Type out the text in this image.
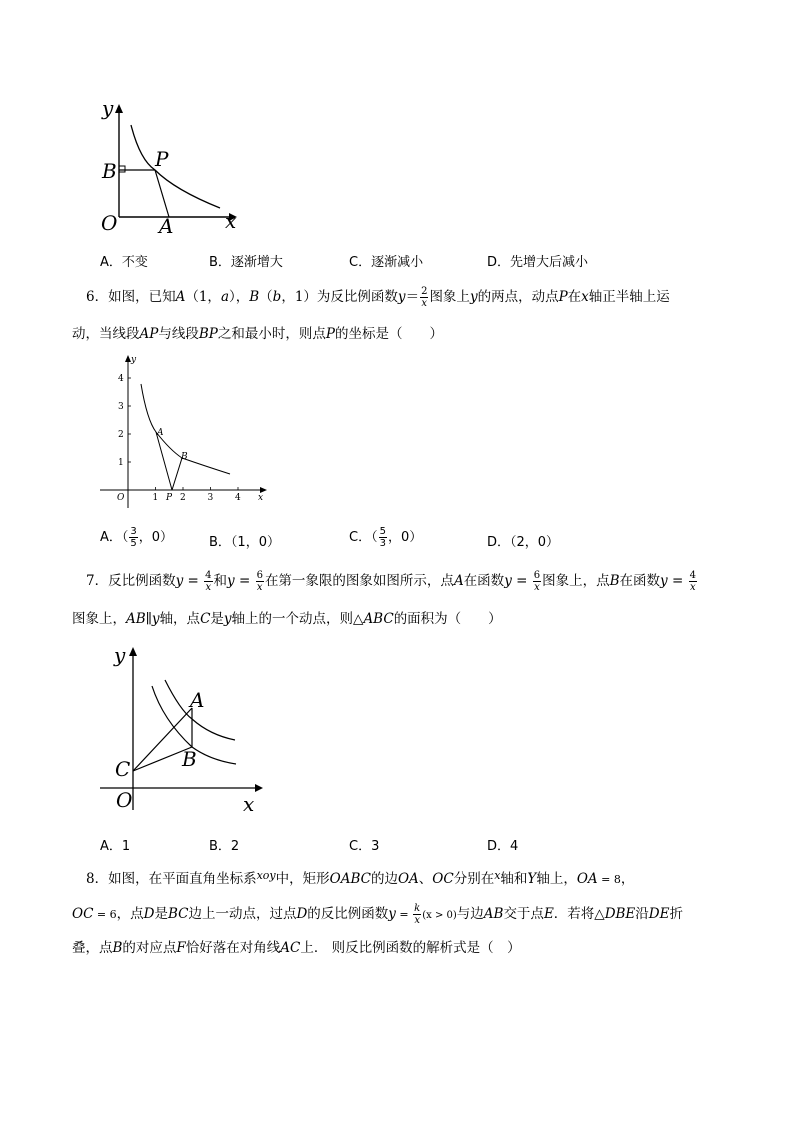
y
x
O
B P
A
A．不变	B．逐渐增大	C．逐渐减小	D．先增大后减小
6．如图，已知A（1，a），B（b，1）为反比例函数$y= \frac{2}{x}$ 图象上y的两点，动点P在x轴正半轴上运
动，当线段AP与线段BP之和最小时，则点P的坐标是（　　）
1 2 3 4
1
2
3
4
y
x
O	P
A
B
A．（ $\frac{3}{5}$ ，0）	B．（1，0）	C．（ $\frac{5}{3}$ ，0）	D．（2，0）
7．反比例函数$y = \frac{4}{x}$ 和$y = \frac{6}{x}$ 在第一象限的图象如图所示，点A在函数$y = \frac{6}{x}$ 图象上，点B在函数$y = \frac{4}{x}$
图象上，AB∥y轴，点C是y轴上的一个动点，则△ABC的面积为（　　）
y
x
O
C
A
B
A．1	B．2	C．3	D．4
8．如图，在平面直角坐标系$^{xoy}$中，矩形OABC的边OA、OC分别在$^x$轴和Y轴上，OA = 8，
OC = 6，点D是BC边上一动点，过点D的反比例函数$y = \frac{k}{x} (x > 0)$与边AB交于点E．若将△DBE沿DE折
叠，点B的对应点F恰好落在对角线AC上． 则反比例函数的解析式是（　）
